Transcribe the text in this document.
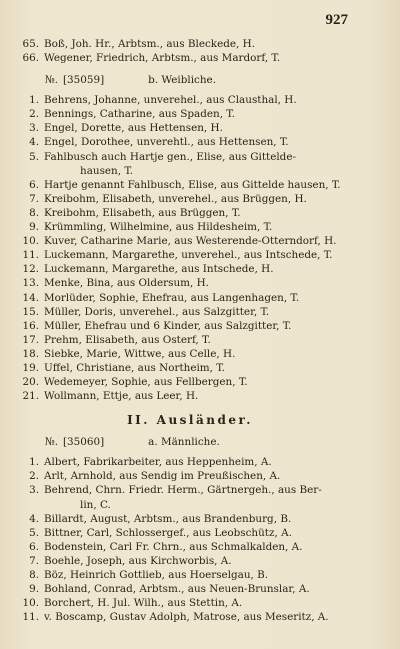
927
65. Boß, Joh. Hr., Arbtsm., aus Bleckede, H.
66. Wegener, Friedrich, Arbtsm., aus Mardorf, T.
№. [35059]	b. Weibliche.
1. Behrens, Johanne, unverehel., aus Clausthal, H.
2. Bennings, Catharine, aus Spaden, T.
3. Engel, Dorette, aus Hettensen, H.
4. Engel, Dorothee, unverehtl., aus Hettensen, T.
5. Fahlbusch auch Hartje gen., Elise, aus Gittelde-
hausen, T.
6. Hartje genannt Fahlbusch, Elise, aus Gittelde hausen, T.
7. Kreibohm, Elisabeth, unverehel., aus Brüggen, H.
8. Kreibohm, Elisabeth, aus Brüggen, T.
9. Krümmling, Wilhelmine, aus Hildesheim, T.
10. Kuver, Catharine Marie, aus Westerende-Otterndorf, H.
11. Luckemann, Margarethe, unverehel., aus Intschede, T.
12. Luckemann, Margarethe, aus Intschede, H.
13. Menke, Bina, aus Oldersum, H.
14. Morlüder, Sophie, Ehefrau, aus Langenhagen, T.
15. Müller, Doris, unverehel., aus Salzgitter, T.
16. Müller, Ehefrau und 6 Kinder, aus Salzgitter, T.
17. Prehm, Elisabeth, aus Osterf, T.
18. Siebke, Marie, Wittwe, aus Celle, H.
19. Uffel, Christiane, aus Northeim, T.
20. Wedemeyer, Sophie, aus Fellbergen, T.
21. Wollmann, Ettje, aus Leer, H.
II. Ausländer.
№. [35060]	a. Männliche.
1. Albert, Fabrikarbeiter, aus Heppenheim, A.
2. Arlt, Arnhold, aus Sendig im Preußischen, A.
3. Behrend, Chrn. Friedr. Herm., Gärtnergeh., aus Ber-
lin, C.
4. Billardt, August, Arbtsm., aus Brandenburg, B.
5. Bittner, Carl, Schlossergef., aus Leobschütz, A.
6. Bodenstein, Carl Fr. Chrn., aus Schmalkalden, A.
7. Boehle, Joseph, aus Kirchworbis, A.
8. Böz, Heinrich Gottlieb, aus Hoerselgau, B.
9. Bohland, Conrad, Arbtsm., aus Neuen-Brunslar, A.
10. Borchert, H. Jul. Wilh., aus Stettin, A.
11. v. Boscamp, Gustav Adolph, Matrose, aus Meseritz, A.
